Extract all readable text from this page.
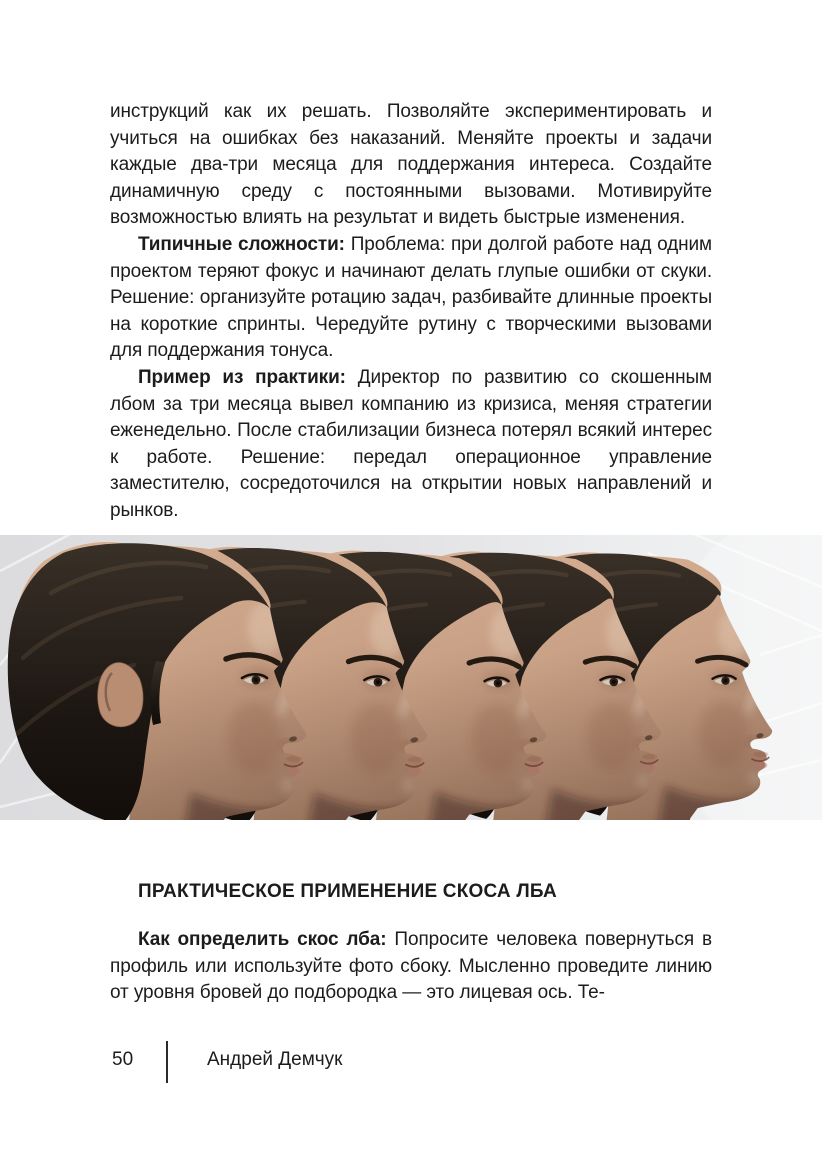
инструкций как их решать. Позволяйте экспериментировать и учиться на ошибках без наказаний. Меняйте проекты и задачи каждые два-три месяца для поддержания интереса. Создайте динамичную среду с постоянными вызовами. Мотивируйте возможностью влиять на результат и видеть быстрые изменения.

Типичные сложности: Проблема: при долгой работе над одним проектом теряют фокус и начинают делать глупые ошибки от скуки. Решение: организуйте ротацию задач, разбивайте длинные проекты на короткие спринты. Чередуйте рутину с творческими вызовами для поддержания тонуса.

Пример из практики: Директор по развитию со скошенным лбом за три месяца вывел компанию из кризиса, меняя стратегии еженедельно. После стабилизации бизнеса потерял всякий интерес к работе. Решение: передал операционное управление заместителю, сосредоточился на открытии новых направлений и рынков.

ПРАКТИЧЕСКОЕ ПРИМЕНЕНИЕ СКОСА ЛБА

Как определить скос лба: Попросите человека повернуться в профиль или используйте фото сбоку. Мысленно проведите линию от уровня бровей до подбородка — это лицевая ось. Те-

50	Андрей Демчук
